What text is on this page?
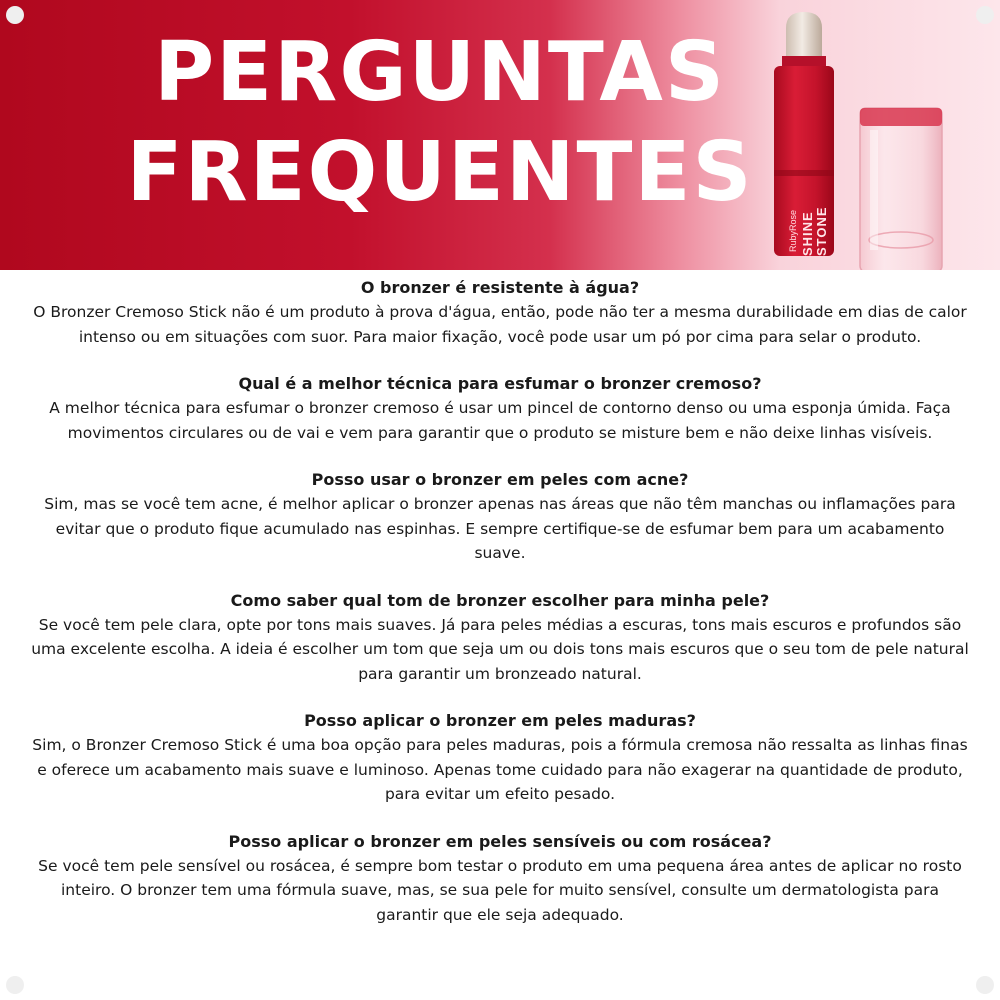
PERGUNTAS
FREQUENTES
RubyRose SHINE STONE

O bronzer é resistente à água?

O Bronzer Cremoso Stick não é um produto à prova d'água, então, pode não ter a mesma durabilidade em dias de calor intenso ou em situações com suor. Para maior fixação, você pode usar um pó por cima para selar o produto.

Qual é a melhor técnica para esfumar o bronzer cremoso?

A melhor técnica para esfumar o bronzer cremoso é usar um pincel de contorno denso ou uma esponja úmida. Faça movimentos circulares ou de vai e vem para garantir que o produto se misture bem e não deixe linhas visíveis.

Posso usar o bronzer em peles com acne?

Sim, mas se você tem acne, é melhor aplicar o bronzer apenas nas áreas que não têm manchas ou inflamações para evitar que o produto fique acumulado nas espinhas. E sempre certifique-se de esfumar bem para um acabamento suave.

Como saber qual tom de bronzer escolher para minha pele?

Se você tem pele clara, opte por tons mais suaves. Já para peles médias a escuras, tons mais escuros e profundos são uma excelente escolha. A ideia é escolher um tom que seja um ou dois tons mais escuros que o seu tom de pele natural para garantir um bronzeado natural.

Posso aplicar o bronzer em peles maduras?

Sim, o Bronzer Cremoso Stick é uma boa opção para peles maduras, pois a fórmula cremosa não ressalta as linhas finas e oferece um acabamento mais suave e luminoso. Apenas tome cuidado para não exagerar na quantidade de produto, para evitar um efeito pesado.

Posso aplicar o bronzer em peles sensíveis ou com rosácea?

Se você tem pele sensível ou rosácea, é sempre bom testar o produto em uma pequena área antes de aplicar no rosto inteiro. O bronzer tem uma fórmula suave, mas, se sua pele for muito sensível, consulte um dermatologista para garantir que ele seja adequado.
